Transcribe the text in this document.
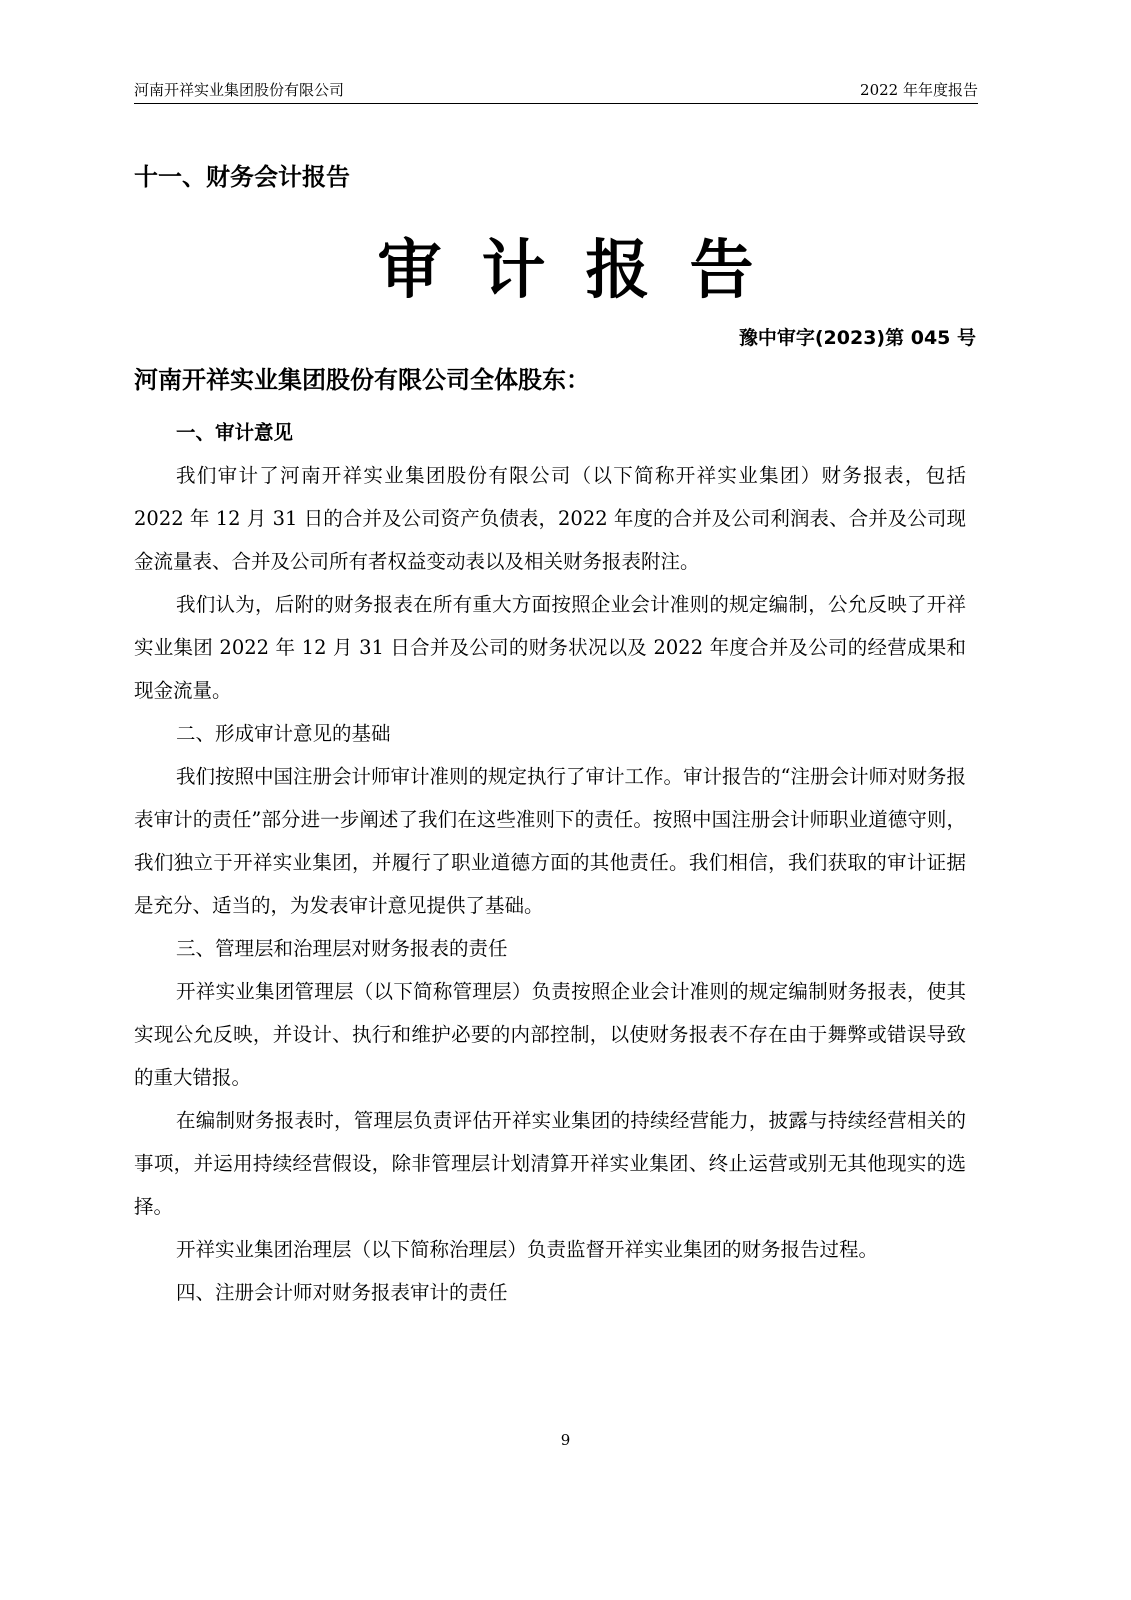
河南开祥实业集团股份有限公司	2022 年年度报告
十一、财务会计报告
审计报告
豫中审字(2023)第 045 号
河南开祥实业集团股份有限公司全体股东：

一、审计意见

我们审计了河南开祥实业集团股份有限公司（以下简称开祥实业集团）财务报表，包括 2022 年 12 月 31 日的合并及公司资产负债表，2022 年度的合并及公司利润表、合并及公司现金流量表、合并及公司所有者权益变动表以及相关财务报表附注。

我们认为，后附的财务报表在所有重大方面按照企业会计准则的规定编制，公允反映了开祥实业集团 2022 年 12 月 31 日合并及公司的财务状况以及 2022 年度合并及公司的经营成果和现金流量。

二、形成审计意见的基础

我们按照中国注册会计师审计准则的规定执行了审计工作。审计报告的“注册会计师对财务报表审计的责任”部分进一步阐述了我们在这些准则下的责任。按照中国注册会计师职业道德守则，我们独立于开祥实业集团，并履行了职业道德方面的其他责任。我们相信，我们获取的审计证据是充分、适当的，为发表审计意见提供了基础。

三、管理层和治理层对财务报表的责任

开祥实业集团管理层（以下简称管理层）负责按照企业会计准则的规定编制财务报表，使其实现公允反映，并设计、执行和维护必要的内部控制，以使财务报表不存在由于舞弊或错误导致的重大错报。

在编制财务报表时，管理层负责评估开祥实业集团的持续经营能力，披露与持续经营相关的事项，并运用持续经营假设，除非管理层计划清算开祥实业集团、终止运营或别无其他现实的选择。

开祥实业集团治理层（以下简称治理层）负责监督开祥实业集团的财务报告过程。

四、注册会计师对财务报表审计的责任

9
